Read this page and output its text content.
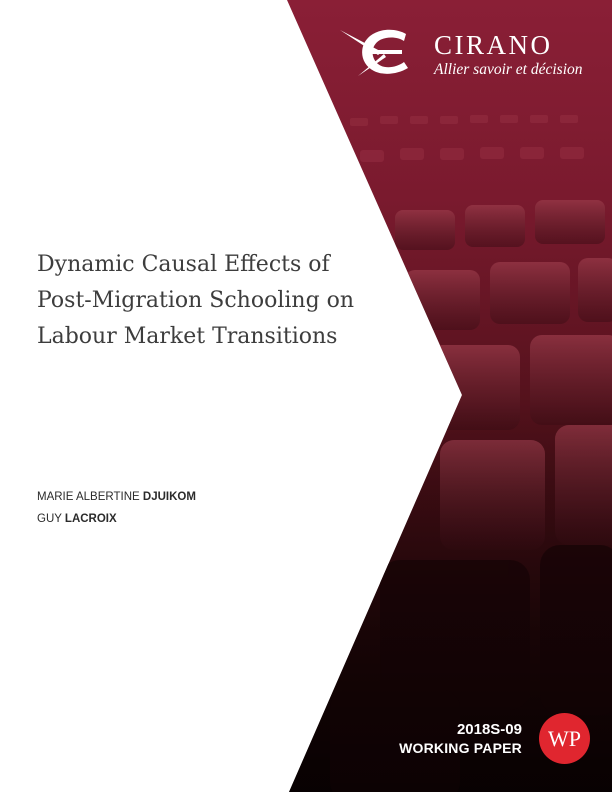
CIRANO
Allier savoir et décision
Dynamic Causal Effects of
Post-Migration Schooling on
Labour Market Transitions
MARIE ALBERTINE DJUIKOM
GUY LACROIX
2018S-09
WORKING PAPER	WP
